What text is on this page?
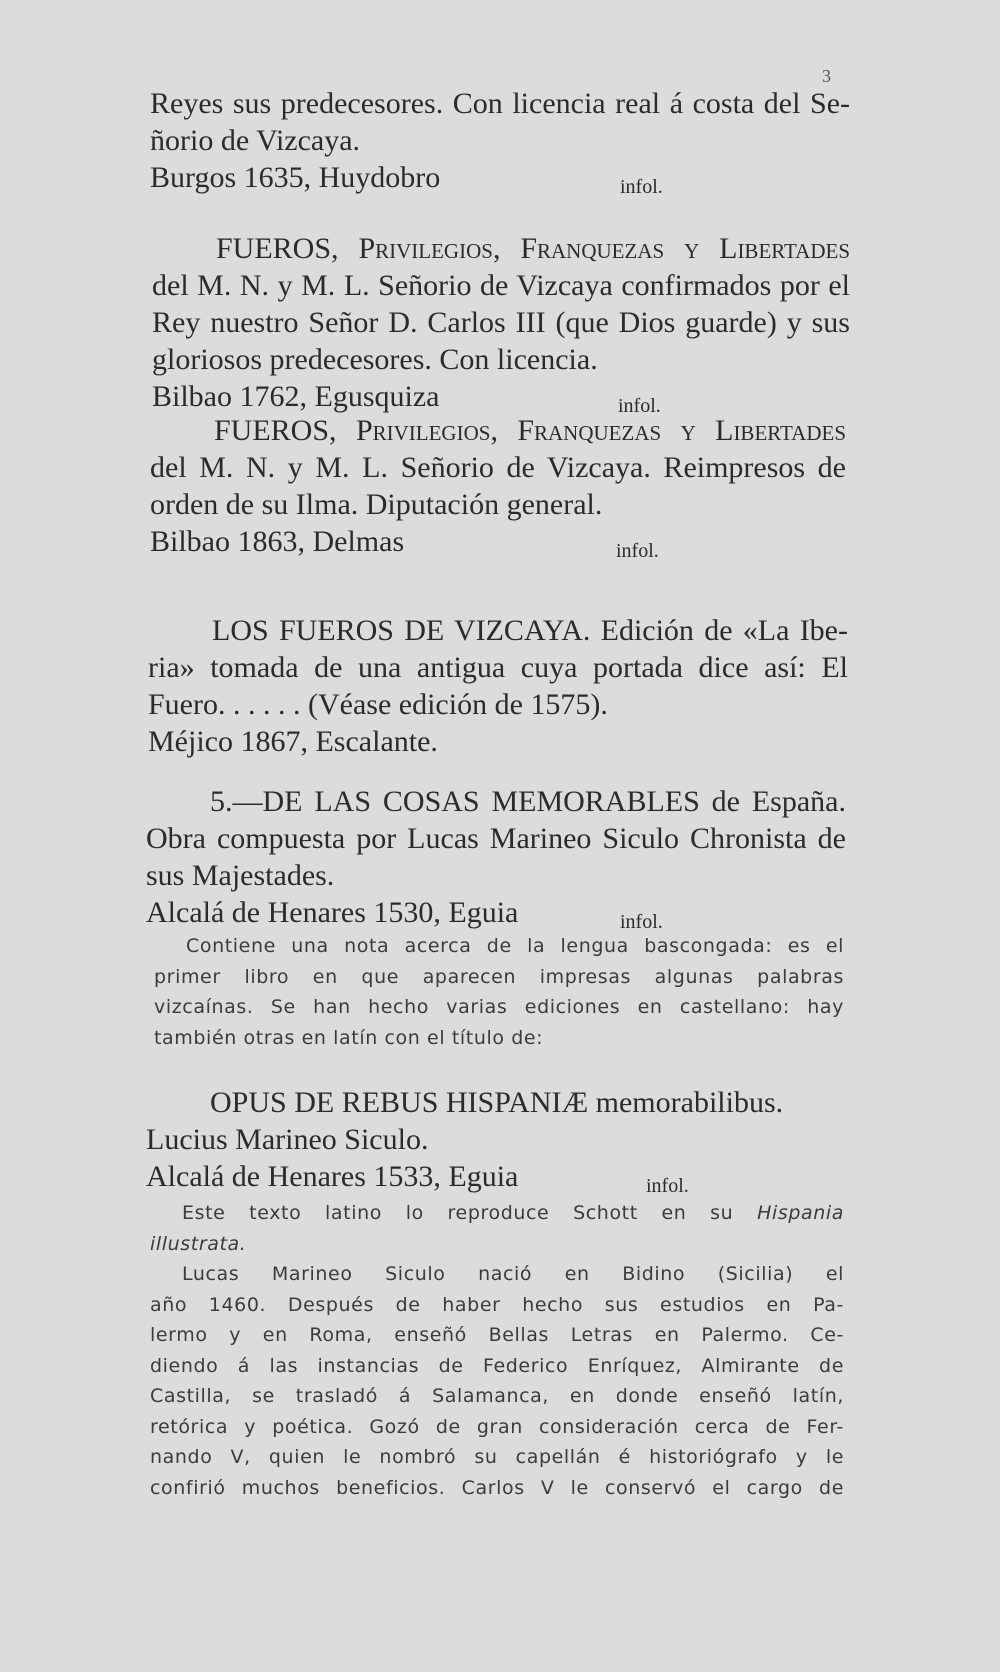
3
Reyes sus predecesores. Con licencia real á costa del Se-
ñorio de Vizcaya.
Burgos 1635, Huydobro	infol.
FUEROS, Privilegios, Franquezas y Libertades
del M. N. y M. L. Señorio de Vizcaya confirmados por el
Rey nuestro Señor D. Carlos III (que Dios guarde) y sus
gloriosos predecesores. Con licencia.
Bilbao 1762, Egusquiza	infol.
FUEROS, Privilegios, Franquezas y Libertades
del M. N. y M. L. Señorio de Vizcaya. Reimpresos de
orden de su Ilma. Diputación general.
Bilbao 1863, Delmas	infol.
LOS FUEROS DE VIZCAYA. Edición de «La Ibe-
ria» tomada de una antigua cuya portada dice así: El
Fuero. . . . . . (Véase edición de 1575).
Méjico 1867, Escalante.
5.—DE LAS COSAS MEMORABLES de España.
Obra compuesta por Lucas Marineo Siculo Chronista de
sus Majestades.
Alcalá de Henares 1530, Eguia	infol.
Contiene una nota acerca de la lengua bascongada: es el
primer libro en que aparecen impresas algunas palabras
vizcaínas. Se han hecho varias ediciones en castellano: hay
también otras en latín con el título de:
OPUS DE REBUS HISPANIÆ memorabilibus.
Lucius Marineo Siculo.
Alcalá de Henares 1533, Eguia	infol.
Este texto latino lo reproduce Schott en su Hispania
illustrata.
Lucas Marineo Siculo nació en Bidino (Sicilia) el
año 1460. Después de haber hecho sus estudios en Pa-
lermo y en Roma, enseñó Bellas Letras en Palermo. Ce-
diendo á las instancias de Federico Enríquez, Almirante de
Castilla, se trasladó á Salamanca, en donde enseñó latín,
retórica y poética. Gozó de gran consideración cerca de Fer-
nando V, quien le nombró su capellán é historiógrafo y le
confirió muchos beneficios. Carlos V le conservó el cargo de
